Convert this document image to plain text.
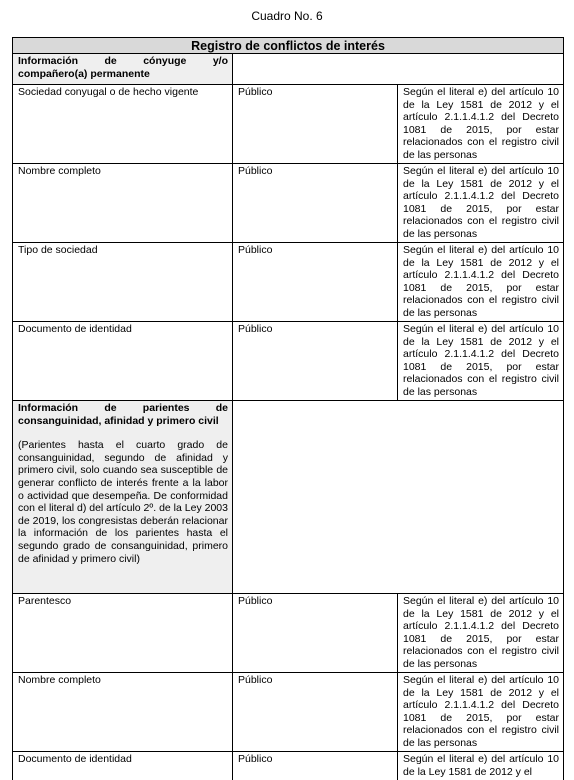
Cuadro No. 6
Registro de conflictos de interés		

Información de cónyuge y/o compañero(a) permanente		

Sociedad conyugal o de hecho vigente	Público	Según el literal e) del artículo 10 de la Ley 1581 de 2012 y el artículo 2.1.1.4.1.2 del Decreto 1081 de 2015, por estar relacionados con el registro civil de las personas
Nombre completo	Público	Según el literal e) del artículo 10 de la Ley 1581 de 2012 y el artículo 2.1.1.4.1.2 del Decreto 1081 de 2015, por estar relacionados con el registro civil de las personas
Tipo de sociedad	Público	Según el literal e) del artículo 10 de la Ley 1581 de 2012 y el artículo 2.1.1.4.1.2 del Decreto 1081 de 2015, por estar relacionados con el registro civil de las personas
Documento de identidad	Público	Según el literal e) del artículo 10 de la Ley 1581 de 2012 y el artículo 2.1.1.4.1.2 del Decreto 1081 de 2015, por estar relacionados con el registro civil de las personas

Información de parientes de consanguinidad, afinidad y primero civil
(Parientes hasta el cuarto grado de consanguinidad, segundo de afinidad y primero civil, solo cuando sea susceptible de generar conflicto de interés frente a la labor o actividad que desempeña. De conformidad con el literal d) del artículo 2º. de la Ley 2003 de 2019, los congresistas deberán relacionar la información de los parientes hasta el segundo grado de consanguinidad, primero de afinidad y primero civil)		

Parentesco	Público	Según el literal e) del artículo 10 de la Ley 1581 de 2012 y el artículo 2.1.1.4.1.2 del Decreto 1081 de 2015, por estar relacionados con el registro civil de las personas
Nombre completo	Público	Según el literal e) del artículo 10 de la Ley 1581 de 2012 y el artículo 2.1.1.4.1.2 del Decreto 1081 de 2015, por estar relacionados con el registro civil de las personas
Documento de identidad	Público	Según el literal e) del artículo 10 de la Ley 1581 de 2012 y el
